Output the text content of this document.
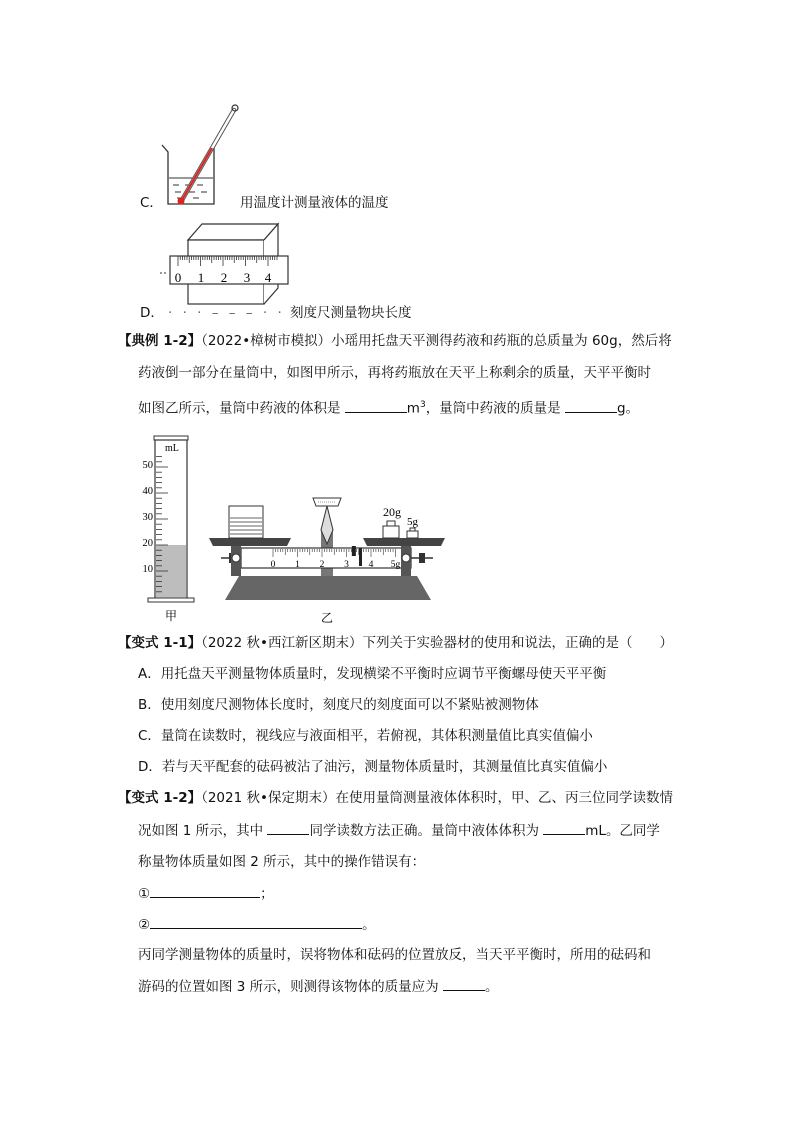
C．	用温度计测量液体的温度
0 1 2 3 4
D． · · · – – – · · · ·
刻度尺测量物块长度
【典例 1-2】（2022•樟树市模拟）小瑶用托盘天平测得药液和药瓶的总质量为 60g，然后将
药液倒一部分在量筒中，如图甲所示，再将药瓶放在天平上称剩余的质量，天平平衡时
如图乙所示，量筒中药液的体积是	$m^3$，量筒中药液的质量是	g。
mL
50
40
30
20
10
甲
20g
5g
0 1 2 3 4 5g
乙
【变式 1-1】（2022 秋•西江新区期末）下列关于实验器材的使用和说法，正确的是（　　）
A．用托盘天平测量物体质量时，发现横梁不平衡时应调节平衡螺母使天平平衡
B．使用刻度尺测物体长度时，刻度尺的刻度面可以不紧贴被测物体
C．量筒在读数时，视线应与液面相平，若俯视，其体积测量值比真实值偏小
D．若与天平配套的砝码被沾了油污，测量物体质量时，其测量值比真实值偏小
【变式 1-2】（2021 秋•保定期末）在使用量筒测量液体体积时，甲、乙、丙三位同学读数情
况如图 1 所示，其中	同学读数方法正确。量筒中液体体积为	mL。乙同学
称量物体质量如图 2 所示，其中的操作错误有：
①	；
②	。
丙同学测量物体的质量时，误将物体和砝码的位置放反，当天平平衡时，所用的砝码和
游码的位置如图 3 所示，则测得该物体的质量应为	。
